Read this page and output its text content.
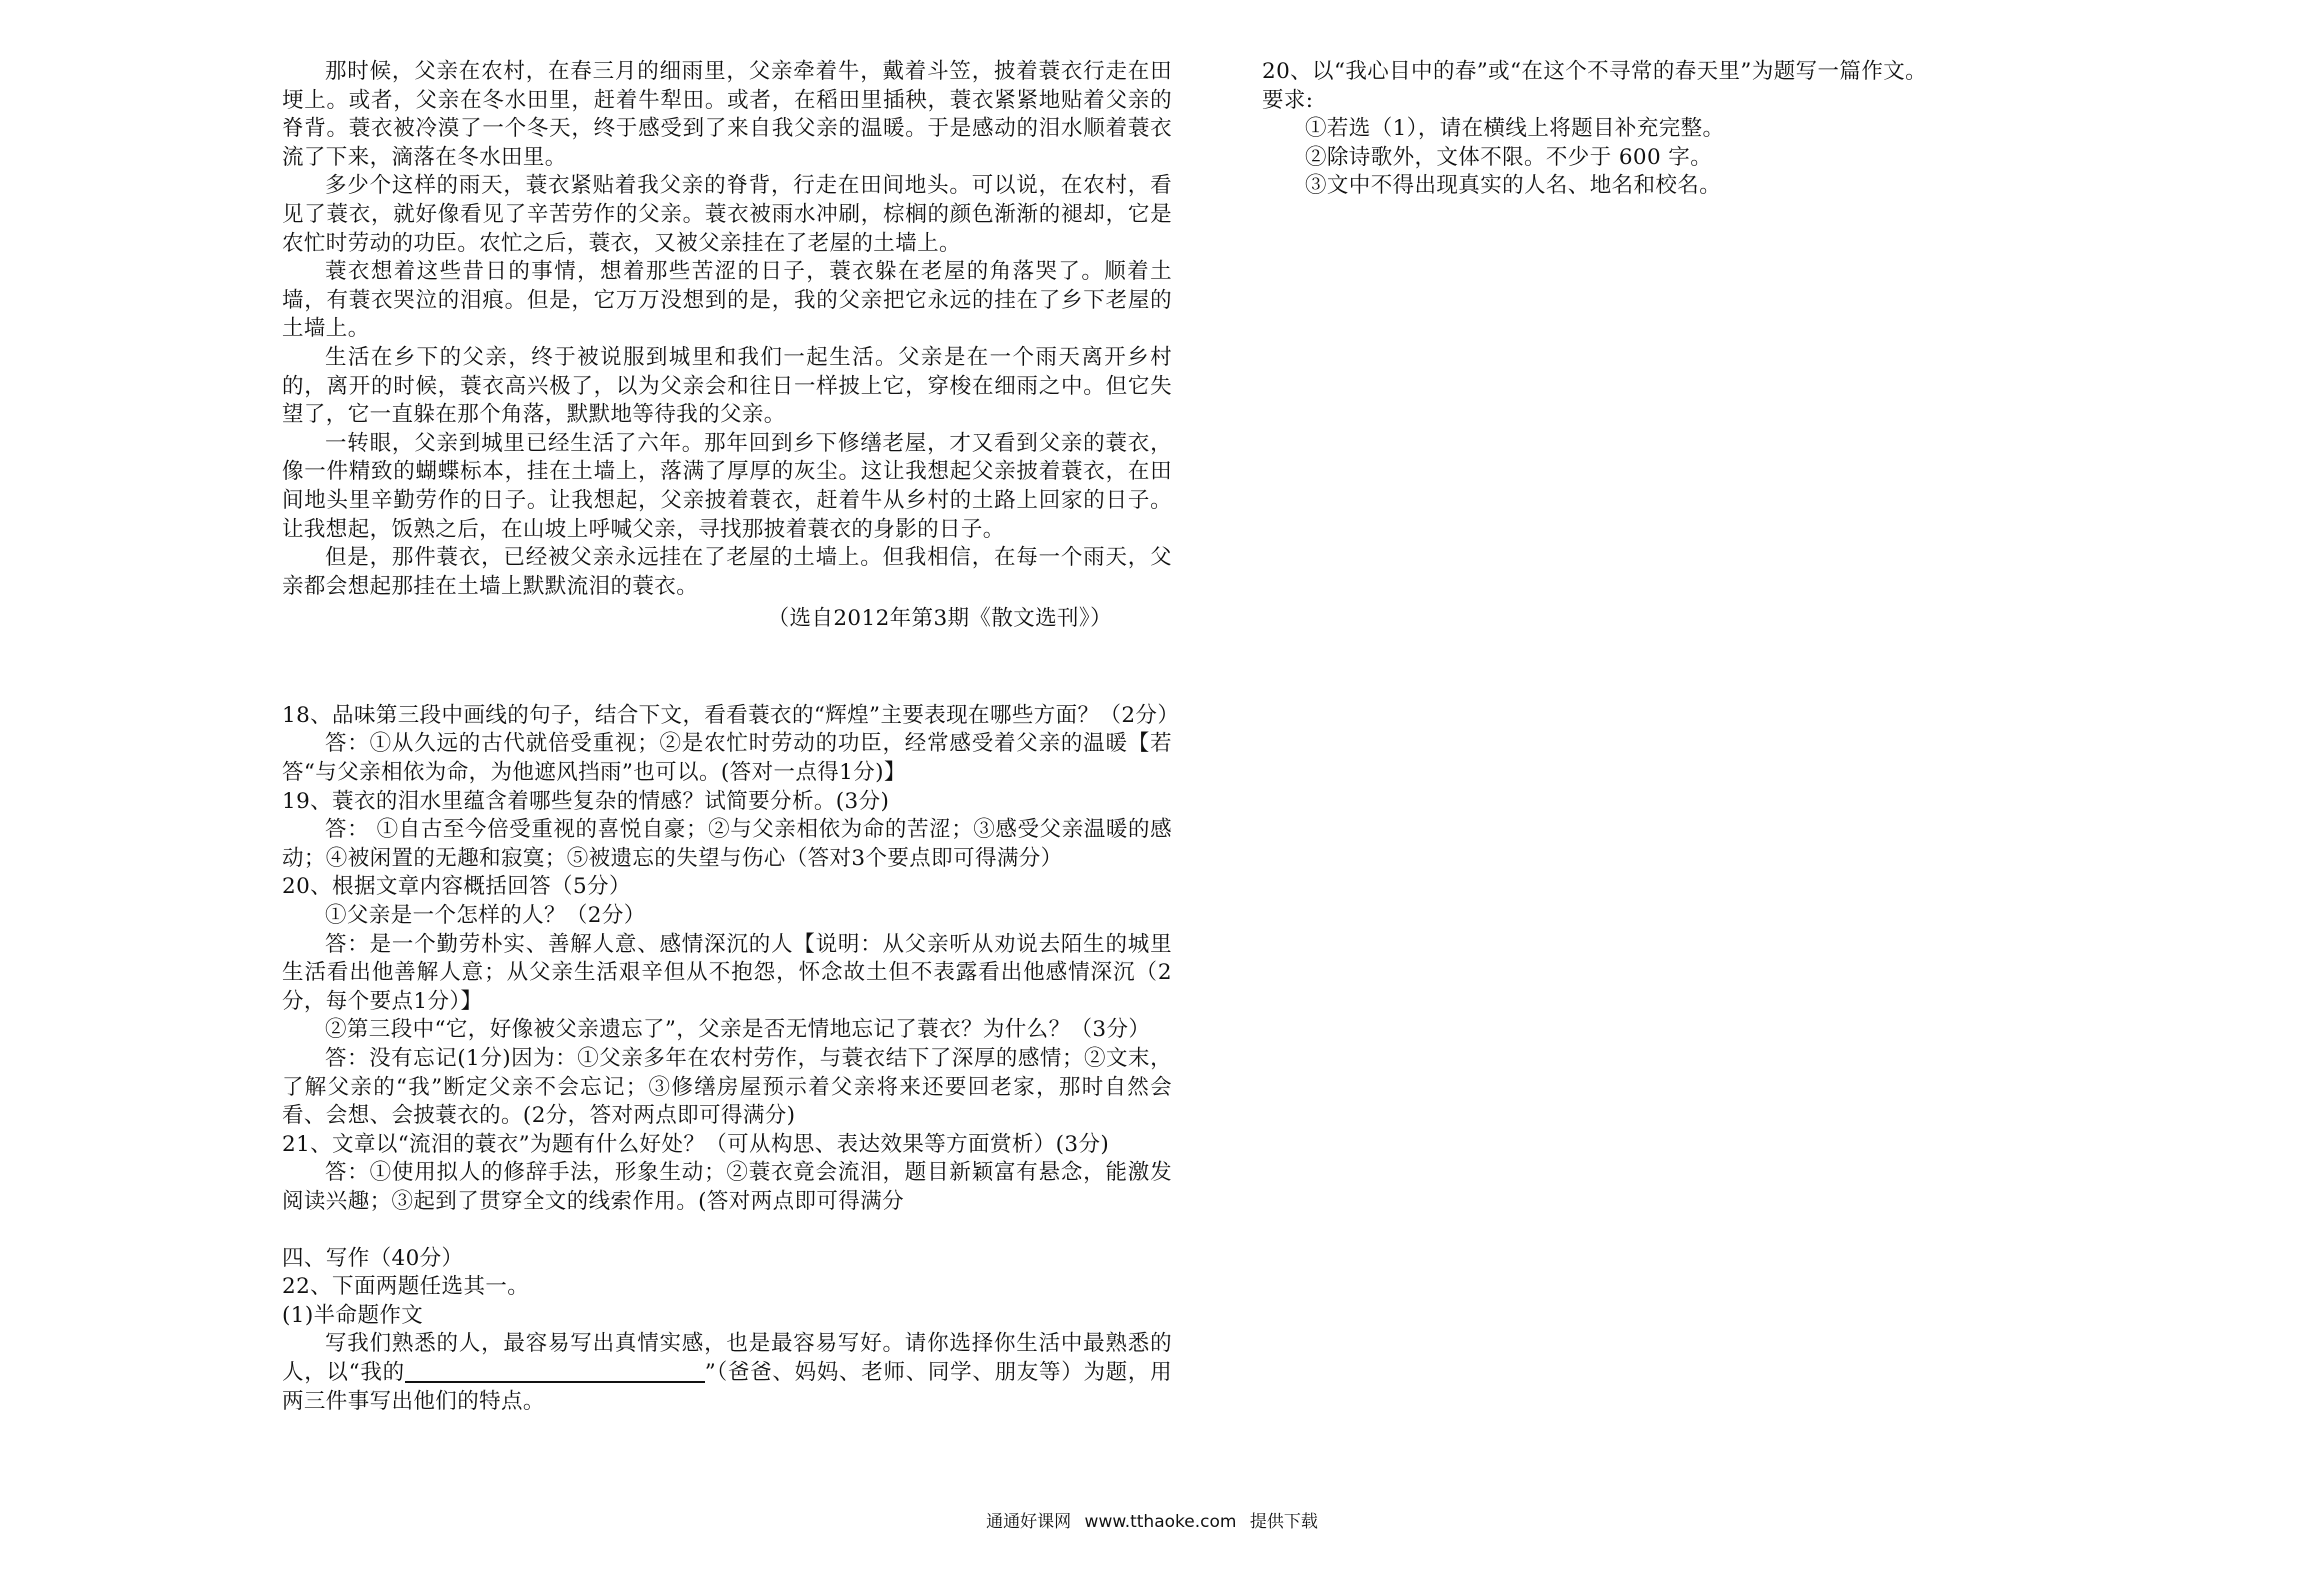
那时候，父亲在农村，在春三月的细雨里，父亲牵着牛，戴着斗笠，披着蓑衣行走在田埂上。或者，父亲在冬水田里，赶着牛犁田。或者，在稻田里插秧，蓑衣紧紧地贴着父亲的脊背。蓑衣被冷漠了一个冬天，终于感受到了来自我父亲的温暖。于是感动的泪水顺着蓑衣流了下来，滴落在冬水田里。

多少个这样的雨天，蓑衣紧贴着我父亲的脊背，行走在田间地头。可以说，在农村，看见了蓑衣，就好像看见了辛苦劳作的父亲。蓑衣被雨水冲刷，棕榈的颜色渐渐的褪却，它是农忙时劳动的功臣。农忙之后，蓑衣，又被父亲挂在了老屋的土墙上。

蓑衣想着这些昔日的事情，想着那些苦涩的日子，蓑衣躲在老屋的角落哭了。顺着土墙，有蓑衣哭泣的泪痕。但是，它万万没想到的是，我的父亲把它永远的挂在了乡下老屋的土墙上。

生活在乡下的父亲，终于被说服到城里和我们一起生活。父亲是在一个雨天离开乡村的，离开的时候，蓑衣高兴极了，以为父亲会和往日一样披上它，穿梭在细雨之中。但它失望了，它一直躲在那个角落，默默地等待我的父亲。

一转眼，父亲到城里已经生活了六年。那年回到乡下修缮老屋，才又看到父亲的蓑衣，像一件精致的蝴蝶标本，挂在土墙上，落满了厚厚的灰尘。这让我想起父亲披着蓑衣，在田间地头里辛勤劳作的日子。让我想起，父亲披着蓑衣，赶着牛从乡村的土路上回家的日子。让我想起，饭熟之后，在山坡上呼喊父亲，寻找那披着蓑衣的身影的日子。

但是，那件蓑衣，已经被父亲永远挂在了老屋的土墙上。但我相信，在每一个雨天，父亲都会想起那挂在土墙上默默流泪的蓑衣。

（选自2012年第3期《散文选刊》）

18、品味第三段中画线的句子，结合下文，看看蓑衣的“辉煌”主要表现在哪些方面？（2分）

答：①从久远的古代就倍受重视；②是农忙时劳动的功臣，经常感受着父亲的温暖【若答“与父亲相依为命，为他遮风挡雨”也可以。(答对一点得1分)】

19、蓑衣的泪水里蕴含着哪些复杂的情感？试简要分析。(3分)

答： ①自古至今倍受重视的喜悦自豪；②与父亲相依为命的苦涩；③感受父亲温暖的感动；④被闲置的无趣和寂寞；⑤被遗忘的失望与伤心（答对3个要点即可得满分）

20、根据文章内容概括回答（5分）

①父亲是一个怎样的人？（2分）

答：是一个勤劳朴实、善解人意、感情深沉的人【说明：从父亲听从劝说去陌生的城里生活看出他善解人意；从父亲生活艰辛但从不抱怨，怀念故土但不表露看出他感情深沉（2分，每个要点1分）】

②第三段中“它，好像被父亲遗忘了”，父亲是否无情地忘记了蓑衣？为什么？（3分）

答：没有忘记(1分)因为：①父亲多年在农村劳作，与蓑衣结下了深厚的感情；②文末，了解父亲的“我”断定父亲不会忘记；③修缮房屋预示着父亲将来还要回老家，那时自然会看、会想、会披蓑衣的。(2分，答对两点即可得满分)

21、文章以“流泪的蓑衣”为题有什么好处？（可从构思、表达效果等方面赏析）(3分)

答：①使用拟人的修辞手法，形象生动；②蓑衣竟会流泪，题目新颖富有悬念，能激发阅读兴趣；③起到了贯穿全文的线索作用。(答对两点即可得满分

四、写作（40分）

22、下面两题任选其一。

(1)半命题作文

写我们熟悉的人，最容易写出真情实感，也是最容易写好。请你选择你生活中最熟悉的人，以“我的	”（爸爸、妈妈、老师、同学、朋友等）为题，用两三件事写出他们的特点。

20、以“我心目中的春”或“在这个不寻常的春天里”为题写一篇作文。

要求:

①若选（1），请在横线上将题目补充完整。

②除诗歌外，文体不限。不少于 600 字。

③文中不得出现真实的人名、地名和校名。

通通好课网 www.tthaoke.com 提供下载
